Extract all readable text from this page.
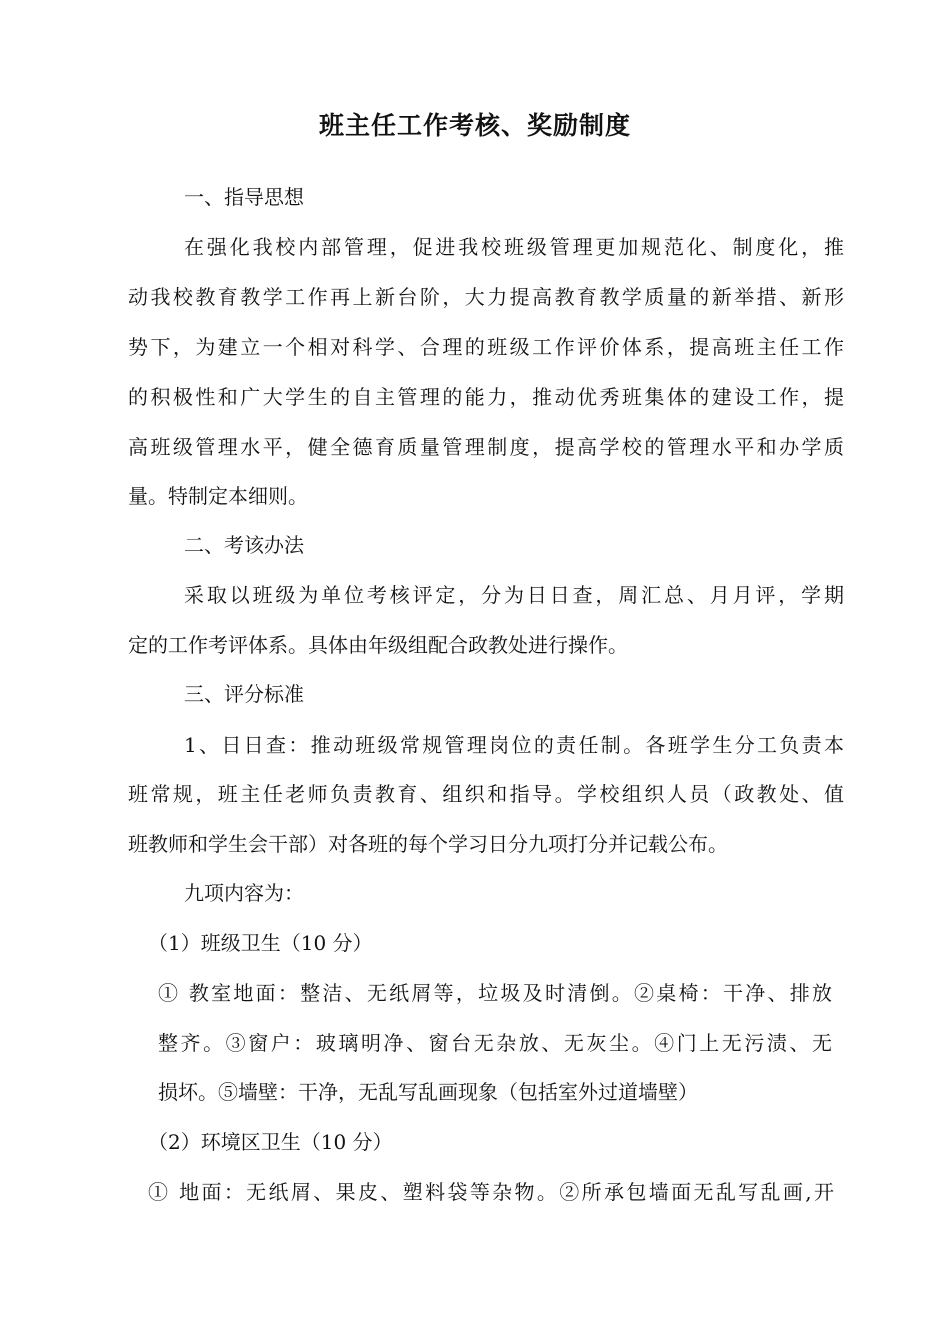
班主任工作考核、奖励制度
一、指导思想
在强化我校内部管理，促进我校班级管理更加规范化、制度化，推
动我校教育教学工作再上新台阶，大力提高教育教学质量的新举措、新形
势下，为建立一个相对科学、合理的班级工作评价体系，提高班主任工作
的积极性和广大学生的自主管理的能力，推动优秀班集体的建设工作，提
高班级管理水平，健全德育质量管理制度，提高学校的管理水平和办学质
量。特制定本细则。
二、考该办法
采取以班级为单位考核评定，分为日日查，周汇总、月月评，学期
定的工作考评体系。具体由年级组配合政教处进行操作。
三、评分标准
1、日日查：推动班级常规管理岗位的责任制。各班学生分工负责本
班常规，班主任老师负责教育、组织和指导。学校组织人员（政教处、值
班教师和学生会干部）对各班的每个学习日分九项打分并记载公布。
九项内容为：
（1）班级卫生（10 分）
① 教室地面：整洁、无纸屑等，垃圾及时清倒。②桌椅：干净、排放
整齐。③窗户：玻璃明净、窗台无杂放、无灰尘。④门上无污渍、无
损坏。⑤墙壁：干净，无乱写乱画现象（包括室外过道墙壁）
（2）环境区卫生（10 分）
① 地面：无纸屑、果皮、塑料袋等杂物。②所承包墙面无乱写乱画,开
